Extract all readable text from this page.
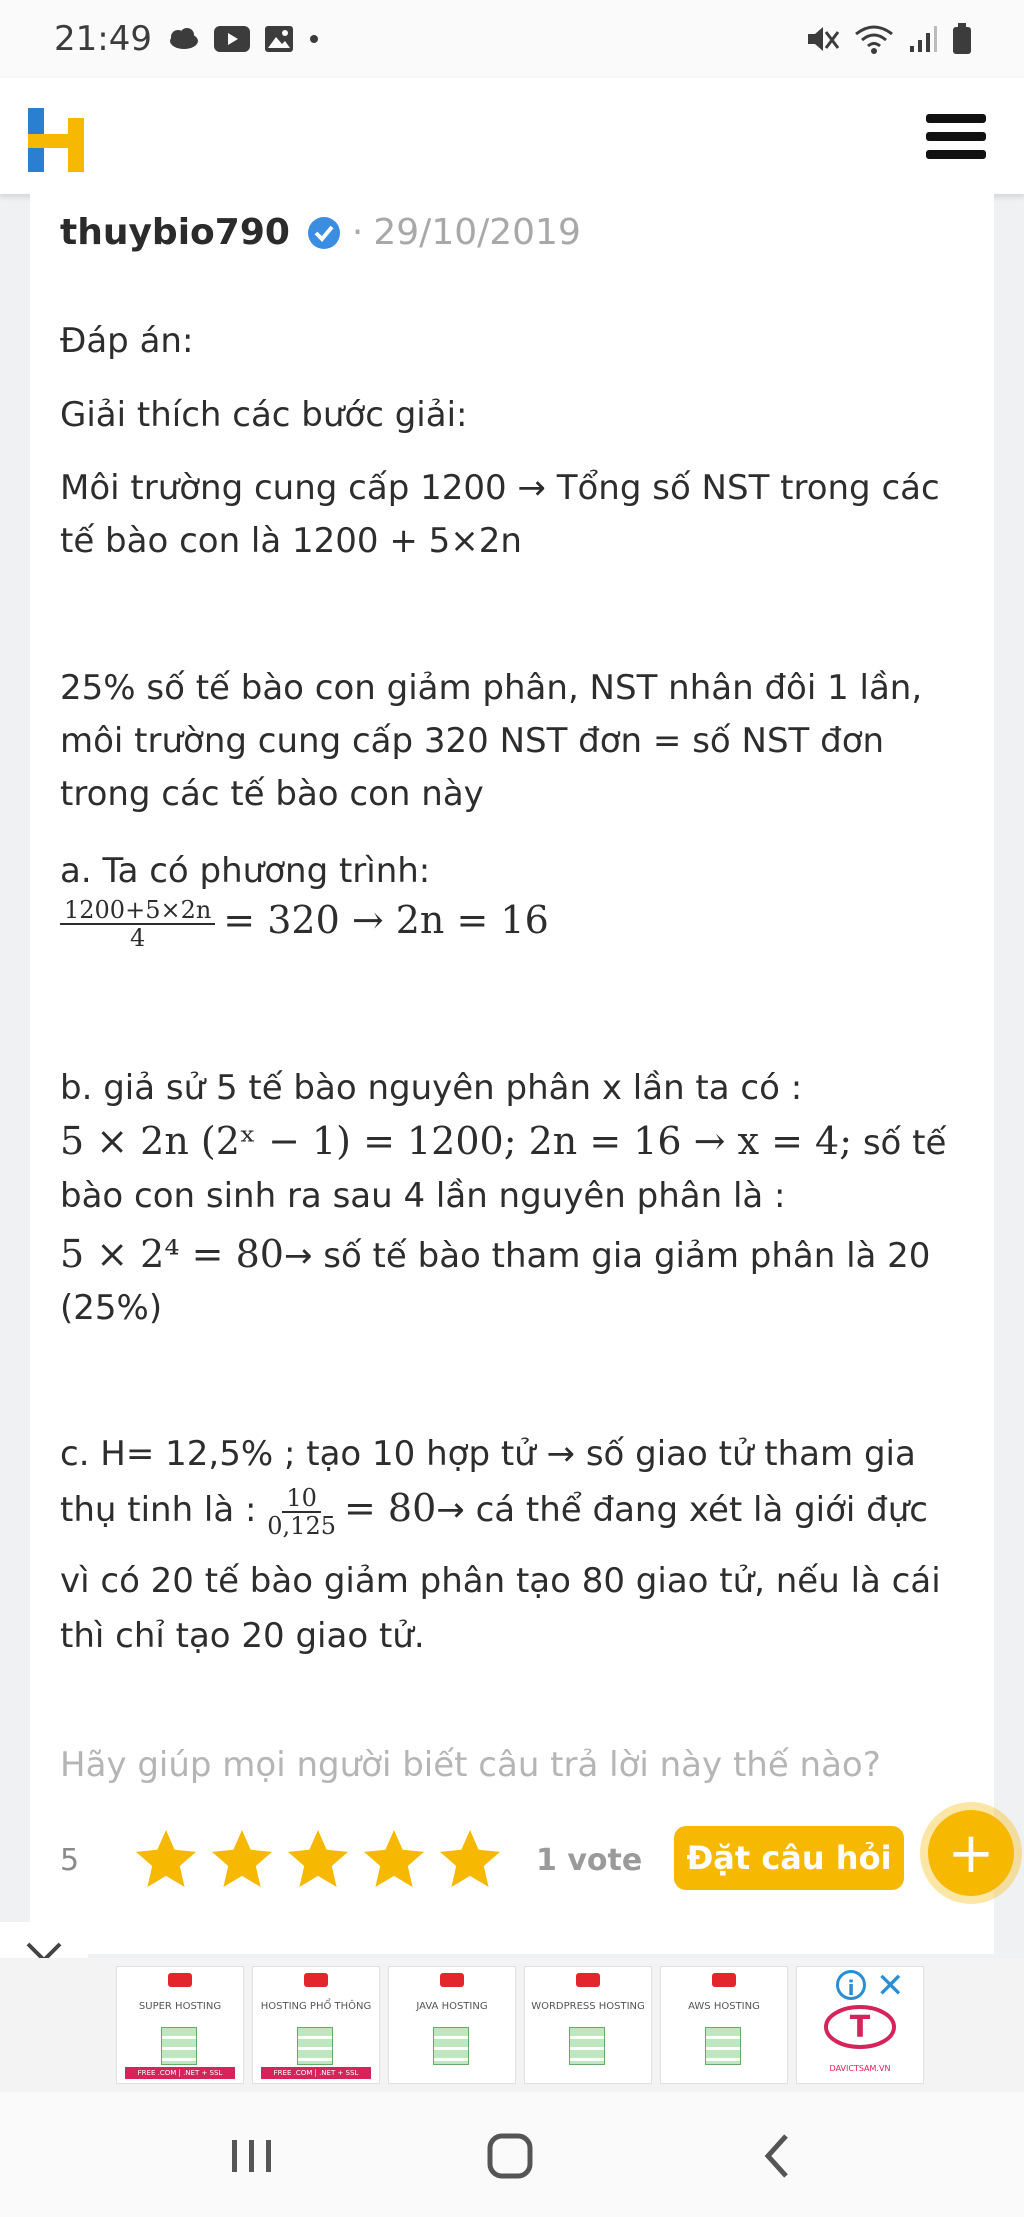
21:49
thuybio790 · 29/10/2019
Đáp án:
Giải thích các bước giải:
Môi trường cung cấp 1200 → Tổng số NST trong các
tế bào con là 1200 + 5×2n
25% số tế bào con giảm phân, NST nhân đôi 1 lần,
môi trường cung cấp 320 NST đơn = số NST đơn
trong các tế bào con này
a. Ta có phương trình:
$\frac{1200+5\times 2n}{4} = 320 \to 2n = 16$
b. giả sử 5 tế bào nguyên phân x lần ta có :
5 × 2n (2ˣ − 1) = 1200; 2n = 16 → x = 4; số tế
bào con sinh ra sau 4 lần nguyên phân là :
5 × 2⁴ = 80→ số tế bào tham gia giảm phân là 20
(25%)
c. H= 12,5% ; tạo 10 hợp tử → số giao tử tham gia
thụ tinh là : $\frac{10}{0,125} = 80\to$ cá thể đang xét là giới đực
vì có 20 tế bào giảm phân tạo 80 giao tử, nếu là cái
thì chỉ tạo 20 giao tử.
Hãy giúp mọi người biết câu trả lời này thế nào?
5	1 vote	Đặt câu hỏi	+
SUPER HOSTING
FREE .COM | .NET + SSL
HOSTING PHỔ THÔNG
FREE .COM | .NET + SSL
JAVA HOSTING	WORDPRESS HOSTING	AWS HOSTING
T
DAVICTSAM.VN
i ✕
